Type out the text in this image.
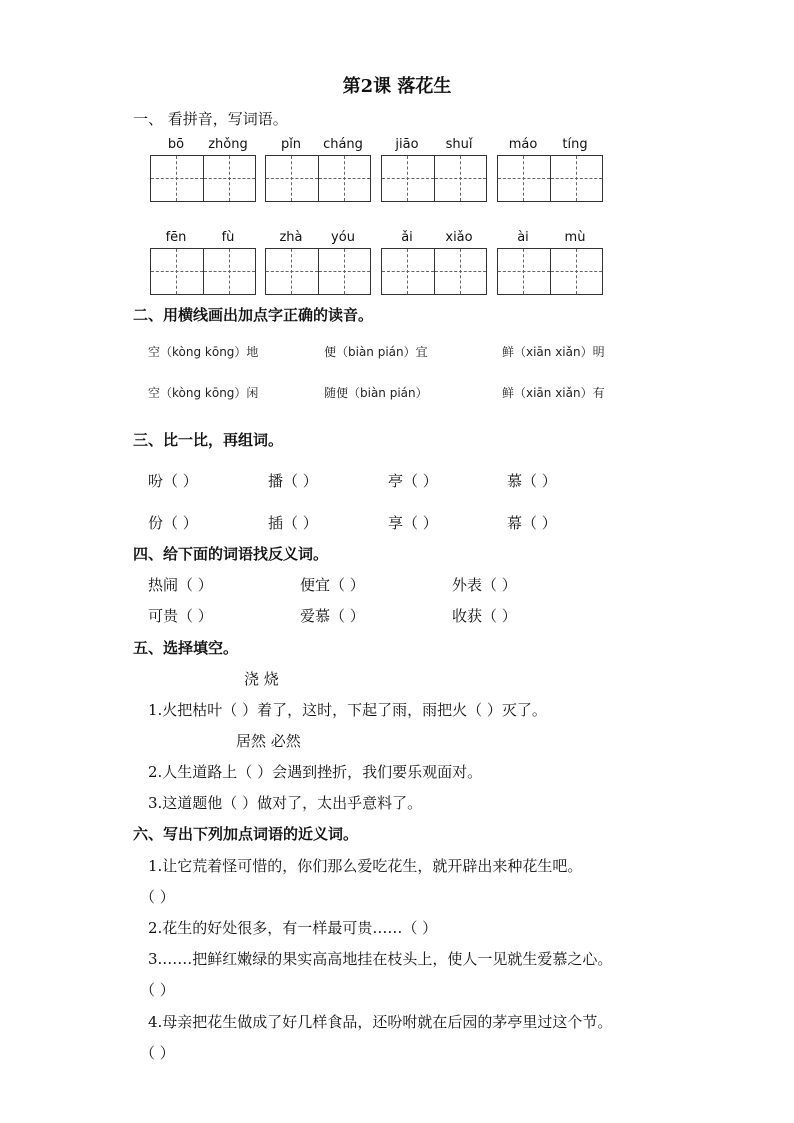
第2课 落花生
一、 看拼音，写词语。
bō	zhǒng	pǐn	cháng	jiāo	shuǐ	máo	tíng
fēn	fù	zhà	yóu	ǎi	xiǎo	ài	mù
二、用横线画出加点字正确的读音。
空（kòng kōng）地	便（biàn pián）宜	鲜（xiān xiǎn）明
空（kòng kōng）闲	随便（biàn pián）	鲜（xiān xiǎn）有
三、比一比，再组词。
吩（ ）	播（ ）	亭（ ）	慕（ ）
份（ ）	插（ ）	享（ ）	幕（ ）
四、给下面的词语找反义词。
热闹（ ）	便宜（ ）	外表（ ）
可贵（ ）	爱慕（ ）	收获（ ）
五、选择填空。
浇 烧
1.火把枯叶（ ）着了，这时，下起了雨，雨把火（ ）灭了。
居然 必然
2.人生道路上（ ）会遇到挫折，我们要乐观面对。
3.这道题他（ ）做对了，太出乎意料了。
六、写出下列加点词语的近义词。
1.让它荒着怪可惜的，你们那么爱吃花生，就开辟出来种花生吧。
（ ）
2.花生的好处很多，有一样最可贵……（ ）
3.……把鲜红嫩绿的果实高高地挂在枝头上，使人一见就生爱慕之心。
（ ）
4.母亲把花生做成了好几样食品，还吩咐就在后园的茅亭里过这个节。
（ ）
